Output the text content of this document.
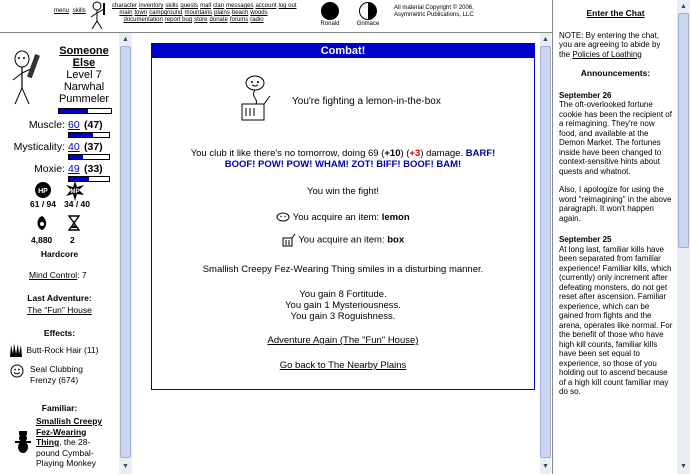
menu skills
character inventory skills quests mall clan messages account log out
main town campground mountains plains beach woods
documentation report bug store donate forums radio
Ronald	Grimace
All material Copyright © 2006,
Asymmetric Publications, LLC
Someone
Else
Level 7
Narwhal
Pummeler
Muscle: 60 (47)
Mysticality: 40 (37)
Moxie: 49 (33)
HP	MP
61 / 94 34 / 40
4,880 2
Hardcore
Mind Control: 7
Last Adventure:
The "Fun" House
Effects:
Butt-Rock Hair (11)
Seal Clubbing
Frenzy (674)
Familiar:
Smallish Creepy
Fez-Wearing
Thing, the 28-
pound Cymbal-
Playing Monkey
▲
▼
Combat!
You're fighting a lemon-in-the-box
You club it like there's no tomorrow, doing 69 (+10) (+3) damage. BARF!
BOOF! POW! POW! WHAM! ZOT! BIFF! BOOF! BAM!
You win the fight!
You acquire an item: lemon
You acquire an item: box
Smallish Creepy Fez-Wearing Thing smiles in a disturbing manner.
You gain 8 Fortitude.
You gain 1 Mysteriousness.
You gain 3 Roguishness.
Adventure Again (The "Fun" House)
Go back to The Nearby Plains
▲
▼
Enter the Chat
NOTE: By entering the chat, you are agreeing to abide by the Policies of Loathing
Announcements:
September 26
The oft-overlooked fortune cookie has been the recipient of a reimagining. They're now food, and available at the Demon Market. The fortunes inside have been changed to context-sensitive hints about quests and whatnot.
Also, I apologize for using the word "reimagining" in the above paragraph. It won't happen again.
September 25
At long last, familiar kills have been separated from familiar experience! Familiar kills, which (currently) only increment after defeating monsters, do not get reset after ascension. Familiar experience, which can be gained from fights and the arena, operates like normal. For the benefit of those who have high kill counts, familiar kills have been set equal to experience, so those of you holding out to ascend because of a high kill count familiar may do so.
▲
▼
